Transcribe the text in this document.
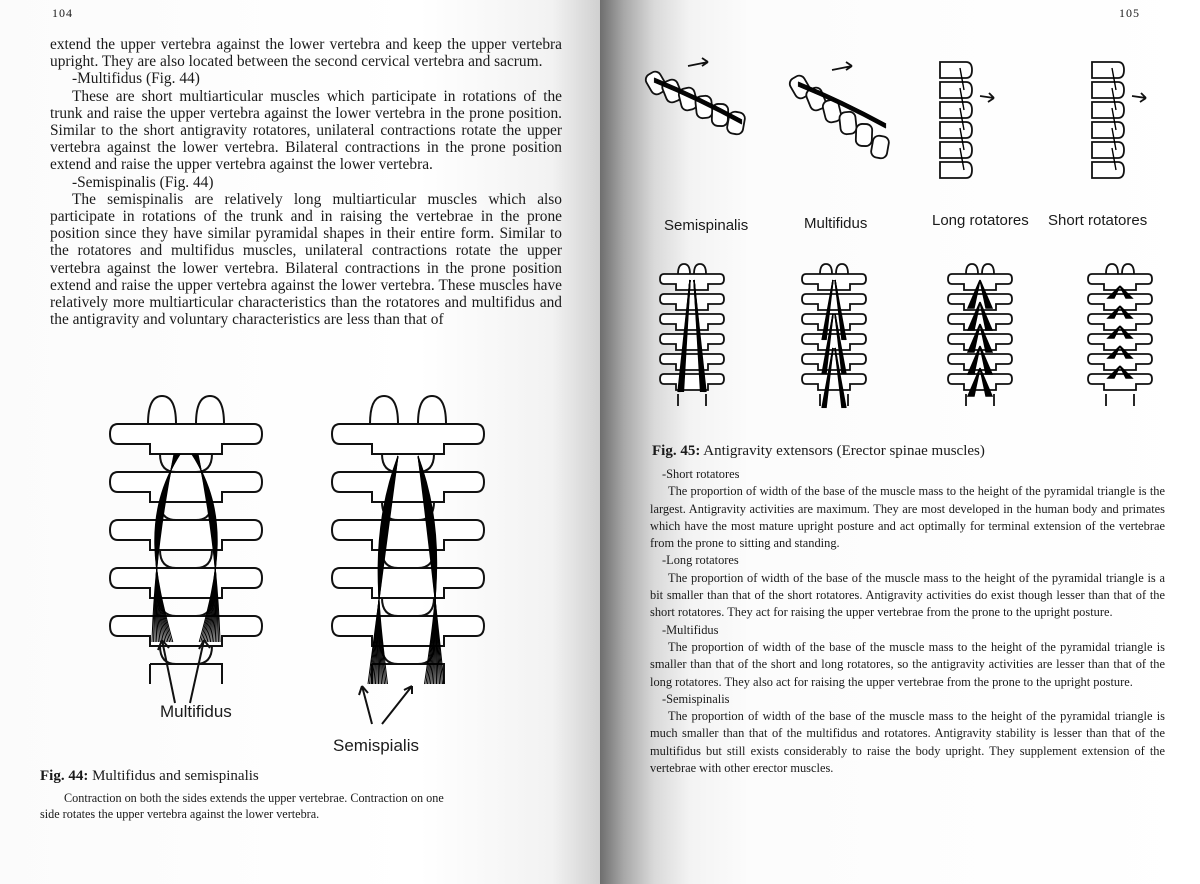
104

extend the upper vertebra against the lower vertebra and keep the upper vertebra upright. They are also located between the second cervical vertebra and sacrum.

-Multifidus (Fig. 44)

These are short multiarticular muscles which participate in rotations of the trunk and raise the upper vertebra against the lower vertebra in the prone position. Similar to the short antigravity rotatores, unilateral contractions rotate the upper vertebra against the lower vertebra. Bilateral contractions in the prone position extend and raise the upper vertebra against the lower vertebra.

-Semispinalis (Fig. 44)

The semispinalis are relatively long multiarticular muscles which also participate in rotations of the trunk and in raising the vertebrae in the prone position since they have similar pyramidal shapes in their entire form. Similar to the rotatores and multifidus muscles, unilateral contractions rotate the upper vertebra against the lower vertebra. Bilateral contractions in the prone position extend and raise the upper vertebra against the lower vertebra. These muscles have relatively more multiarticular characteristics than the rotatores and multifidus and the antigravity and voluntary characteristics are less than that of

Multifidus
Semispialis
Fig. 44: Multifidus and semispinalis
Contraction on both the sides extends the upper vertebrae. Contraction on one side rotates the upper vertebra against the lower vertebra.
105
Semispinalis	Multifidus	Long rotatores Short rotatores
Fig. 45: Antigravity extensors (Erector spinae muscles)

-Short rotatores

The proportion of width of the base of the muscle mass to the height of the pyramidal triangle is the largest. Antigravity activities are maximum. They are most developed in the human body and primates which have the most mature upright posture and act optimally for terminal extension of the vertebrae from the prone to sitting and standing.

-Long rotatores

The proportion of width of the base of the muscle mass to the height of the pyramidal triangle is a bit smaller than that of the short rotatores. Antigravity activities do exist though lesser than that of the short rotatores. They act for raising the upper vertebrae from the prone to the upright posture.

-Multifidus

The proportion of width of the base of the muscle mass to the height of the pyramidal triangle is smaller than that of the short and long rotatores, so the antigravity activities are lesser than that of the long rotatores. They also act for raising the upper vertebrae from the prone to the upright posture.

-Semispinalis

The proportion of width of the base of the muscle mass to the height of the pyramidal triangle is much smaller than that of the multifidus and rotatores. Antigravity stability is lesser than that of the multifidus but still exists considerably to raise the body upright. They supplement extension of the vertebrae with other erector muscles.
